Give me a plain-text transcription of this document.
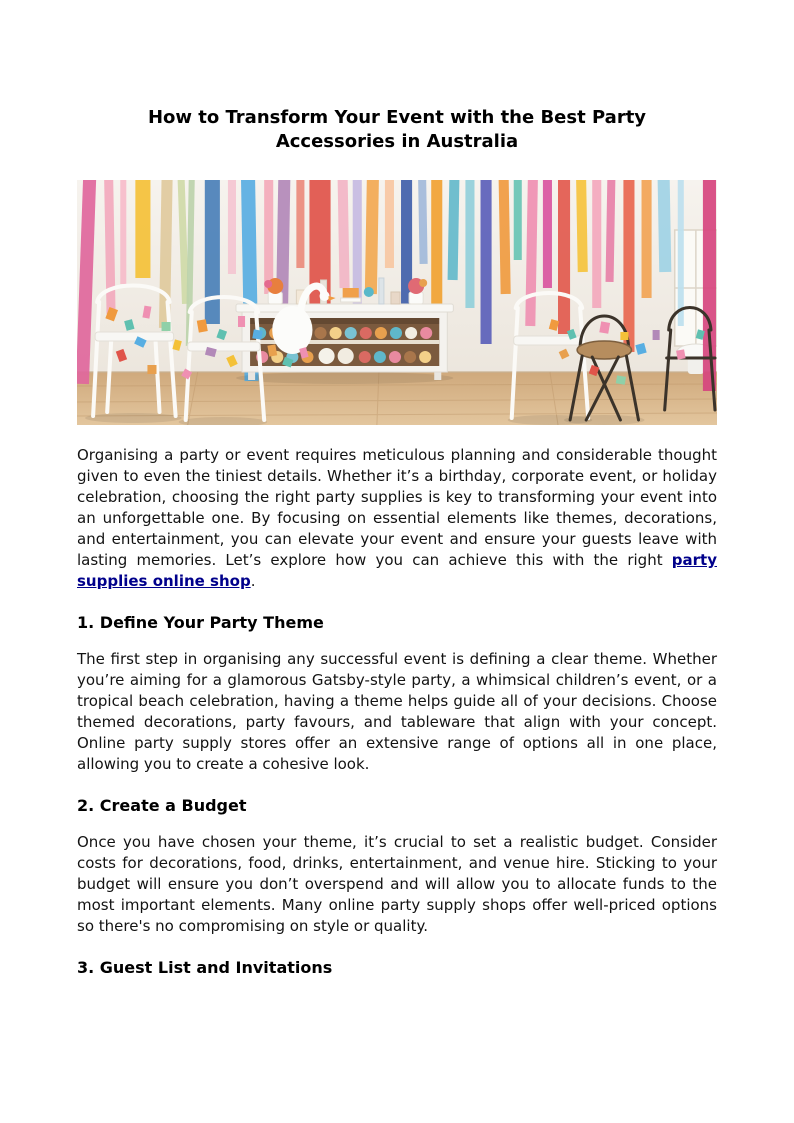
How to Transform Your Event with the Best Party
Accessories in Australia

Organising a party or event requires meticulous planning and considerable thought given to even the tiniest details. Whether it’s a birthday, corporate event, or holiday celebration, choosing the right party supplies is key to transforming your event into an unforgettable one. By focusing on essential elements like themes, decorations, and entertainment, you can elevate your event and ensure your guests leave with lasting memories. Let’s explore how you can achieve this with the right party supplies online shop.

1. Define Your Party Theme

The first step in organising any successful event is defining a clear theme. Whether you’re aiming for a glamorous Gatsby-style party, a whimsical children’s event, or a tropical beach celebration, having a theme helps guide all of your decisions. Choose themed decorations, party favours, and tableware that align with your concept. Online party supply stores offer an extensive range of options all in one place, allowing you to create a cohesive look.

2. Create a Budget

Once you have chosen your theme, it’s crucial to set a realistic budget. Consider costs for decorations, food, drinks, entertainment, and venue hire. Sticking to your budget will ensure you don’t overspend and will allow you to allocate funds to the most important elements. Many online party supply shops offer well-priced options so there's no compromising on style or quality.

3. Guest List and Invitations
